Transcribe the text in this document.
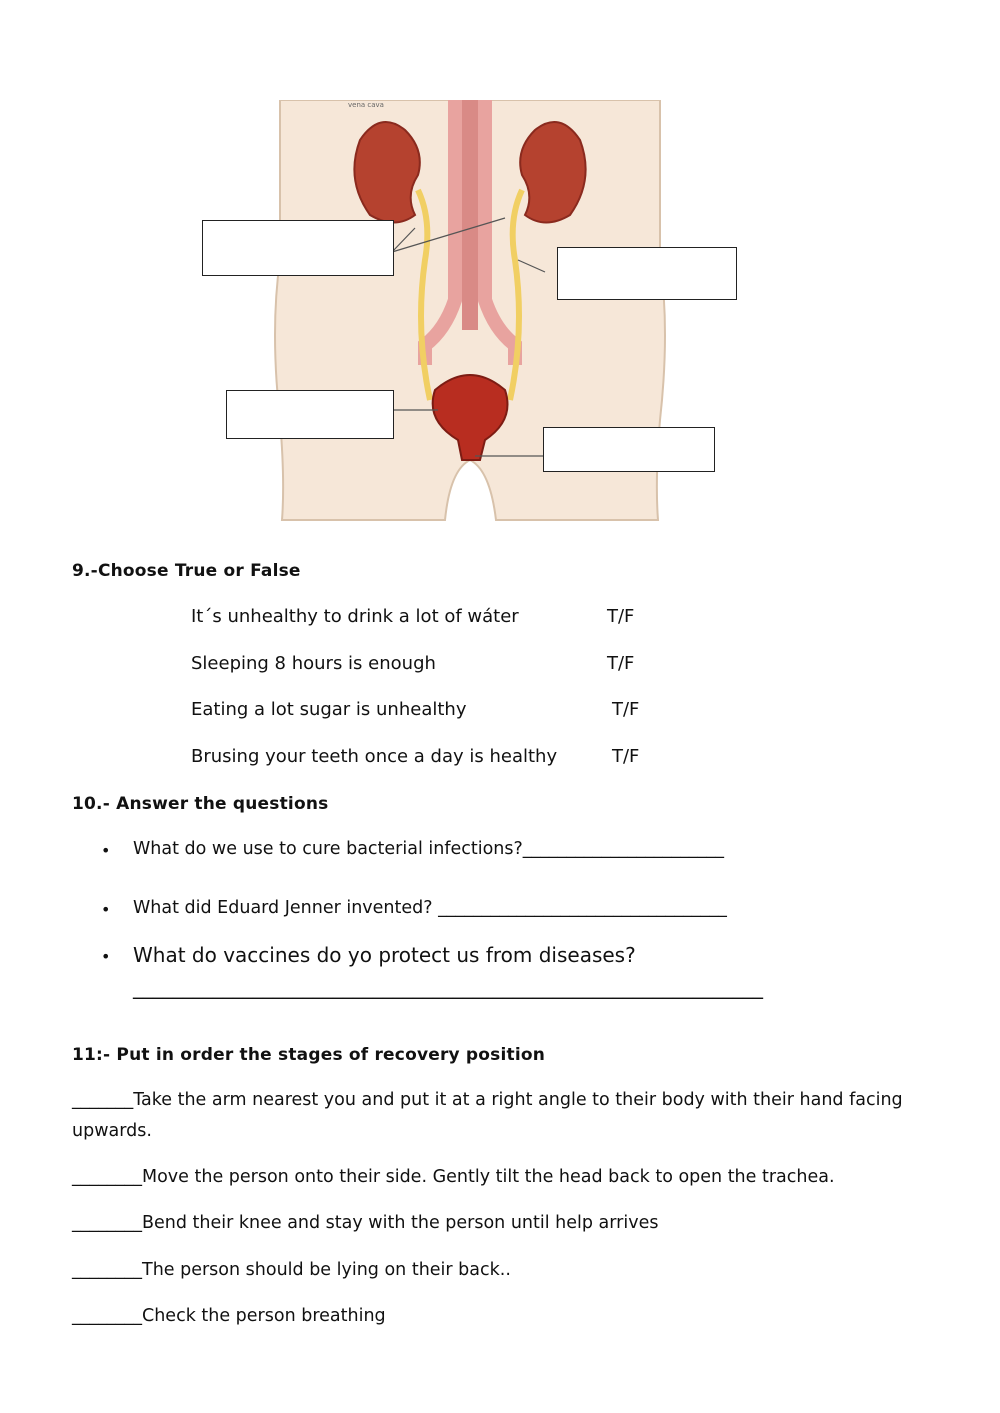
vena cava
9.-Choose True or False
It´s unhealthy to drink a lot of wáter	T/F
Sleeping 8 hours is enough	T/F
Eating a lot sugar is unhealthy	T/F
Brusing your teeth once a day is healthy	T/F
10.- Answer the questions
• What do we use to cure bacterial infections?_______________________
• What did Eduard Jenner invented? _________________________________
• What do vaccines do yo protect us from diseases?
_______________________________________________________________
11:- Put in order the stages of recovery position
_______Take the arm nearest you and put it at a right angle to their body with their hand facing upwards.
________Move the person onto their side. Gently tilt the head back to open the trachea.
________Bend their knee and stay with the person until help arrives
________The person should be lying on their back..
________Check the person breathing
